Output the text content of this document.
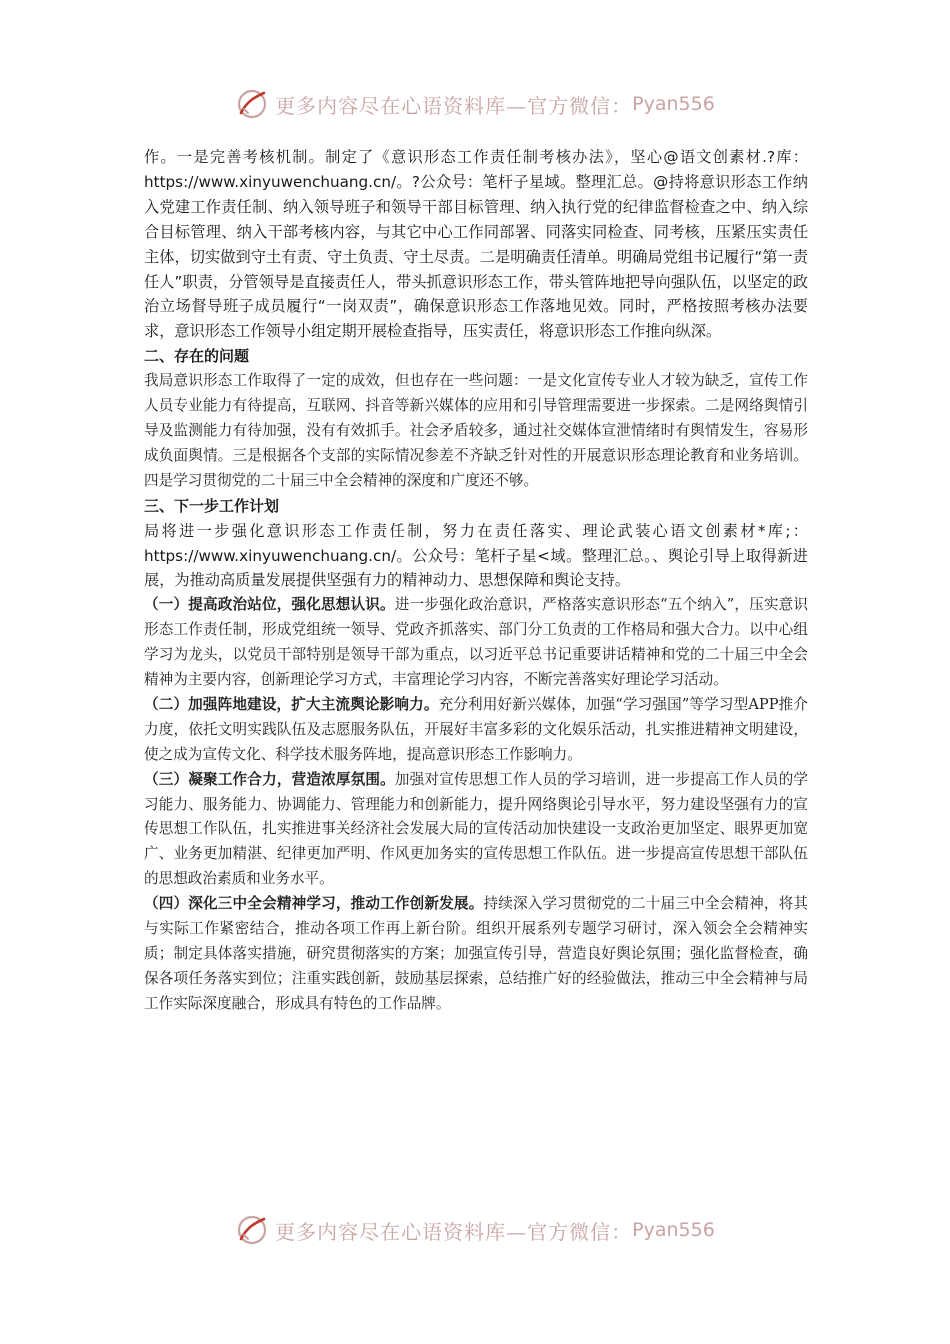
更多内容尽在心语资料库—官方微信： Pyan556

作。一是完善考核机制。制定了《意识形态工作责任制考核办法》，坚心@语文创素材.?库：https://www.xinyuwenchuang.cn/。?公众号：笔杆子星域。整理汇总。@持将意识形态工作纳入党建工作责任制、纳入领导班子和领导干部目标管理、纳入执行党的纪律监督检查之中、纳入综合目标管理、纳入干部考核内容，与其它中心工作同部署、同落实同检查、同考核，压紧压实责任主体，切实做到守土有责、守土负责、守土尽责。二是明确责任清单。明确局党组书记履行“第一责任人”职责，分管领导是直接责任人，带头抓意识形态工作，带头管阵地把导向强队伍，以坚定的政治立场督导班子成员履行“一岗双责”，确保意识形态工作落地见效。同时，严格按照考核办法要求，意识形态工作领导小组定期开展检查指导，压实责任，将意识形态工作推向纵深。

二、存在的问题

我局意识形态工作取得了一定的成效，但也存在一些问题：一是文化宣传专业人才较为缺乏，宣传工作人员专业能力有待提高，互联网、抖音等新兴媒体的应用和引导管理需要进一步探索。二是网络舆情引导及监测能力有待加强，没有有效抓手。社会矛盾较多，通过社交媒体宣泄情绪时有舆情发生，容易形成负面舆情。三是根据各个支部的实际情况参差不齐缺乏针对性的开展意识形态理论教育和业务培训。四是学习贯彻党的二十届三中全会精神的深度和广度还不够。

三、下一步工作计划

局将进一步强化意识形态工作责任制，努力在责任落实、理论武装心语文创素材*库;：https://www.xinyuwenchuang.cn/。公众号：笔杆子星<域。整理汇总。、舆论引导上取得新进展，为推动高质量发展提供坚强有力的精神动力、思想保障和舆论支持。

（一）提高政治站位，强化思想认识。进一步强化政治意识，严格落实意识形态“五个纳入”，压实意识形态工作责任制，形成党组统一领导、党政齐抓落实、部门分工负责的工作格局和强大合力。以中心组学习为龙头，以党员干部特别是领导干部为重点，以习近平总书记重要讲话精神和党的二十届三中全会精神为主要内容，创新理论学习方式，丰富理论学习内容，不断完善落实好理论学习活动。

（二）加强阵地建设，扩大主流舆论影响力。充分利用好新兴媒体，加强“学习强国”等学习型APP推介力度，依托文明实践队伍及志愿服务队伍，开展好丰富多彩的文化娱乐活动，扎实推进精神文明建设，使之成为宣传文化、科学技术服务阵地，提高意识形态工作影响力。

（三）凝聚工作合力，营造浓厚氛围。加强对宣传思想工作人员的学习培训，进一步提高工作人员的学习能力、服务能力、协调能力、管理能力和创新能力，提升网络舆论引导水平，努力建设坚强有力的宣传思想工作队伍，扎实推进事关经济社会发展大局的宣传活动加快建设一支政治更加坚定、眼界更加宽广、业务更加精湛、纪律更加严明、作风更加务实的宣传思想工作队伍。进一步提高宣传思想干部队伍的思想政治素质和业务水平。

（四）深化三中全会精神学习，推动工作创新发展。持续深入学习贯彻党的二十届三中全会精神，将其与实际工作紧密结合，推动各项工作再上新台阶。组织开展系列专题学习研讨，深入领会全会精神实质；制定具体落实措施，研究贯彻落实的方案；加强宣传引导，营造良好舆论氛围；强化监督检查，确保各项任务落实到位；注重实践创新，鼓励基层探索，总结推广好的经验做法，推动三中全会精神与局工作实际深度融合，形成具有特色的工作品牌。

更多内容尽在心语资料库—官方微信： Pyan556
